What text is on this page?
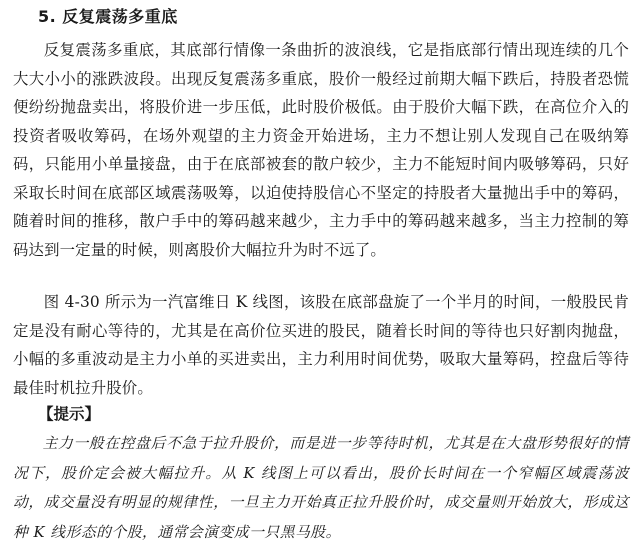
5. 反复震荡多重底

反复震荡多重底，其底部行情像一条曲折的波浪线，它是指底部行情出现连续的几个大大小小的涨跌波段。出现反复震荡多重底，股价一般经过前期大幅下跌后，持股者恐慌便纷纷抛盘卖出，将股价进一步压低，此时股价极低。由于股价大幅下跌，在高位介入的投资者吸收筹码，在场外观望的主力资金开始进场，主力不想让别人发现自己在吸纳筹码，只能用小单量接盘，由于在底部被套的散户较少，主力不能短时间内吸够筹码，只好采取长时间在底部区域震荡吸筹，以迫使持股信心不坚定的持股者大量抛出手中的筹码，随着时间的推移，散户手中的筹码越来越少，主力手中的筹码越来越多，当主力控制的筹码达到一定量的时候，则离股价大幅拉升为时不远了。

图 4-30 所示为一汽富维日 K 线图，该股在底部盘旋了一个半月的时间，一般股民肯定是没有耐心等待的，尤其是在高价位买进的股民，随着长时间的等待也只好割肉抛盘，小幅的多重波动是主力小单的买进卖出，主力利用时间优势，吸取大量筹码，控盘后等待最佳时机拉升股价。

【提示】

主力一般在控盘后不急于拉升股价，而是进一步等待时机，尤其是在大盘形势很好的情况下，股价定会被大幅拉升。从 K 线图上可以看出，股价长时间在一个窄幅区域震荡波动，成交量没有明显的规律性，一旦主力开始真正拉升股价时，成交量则开始放大，形成这种 K 线形态的个股，通常会演变成一只黑马股。
